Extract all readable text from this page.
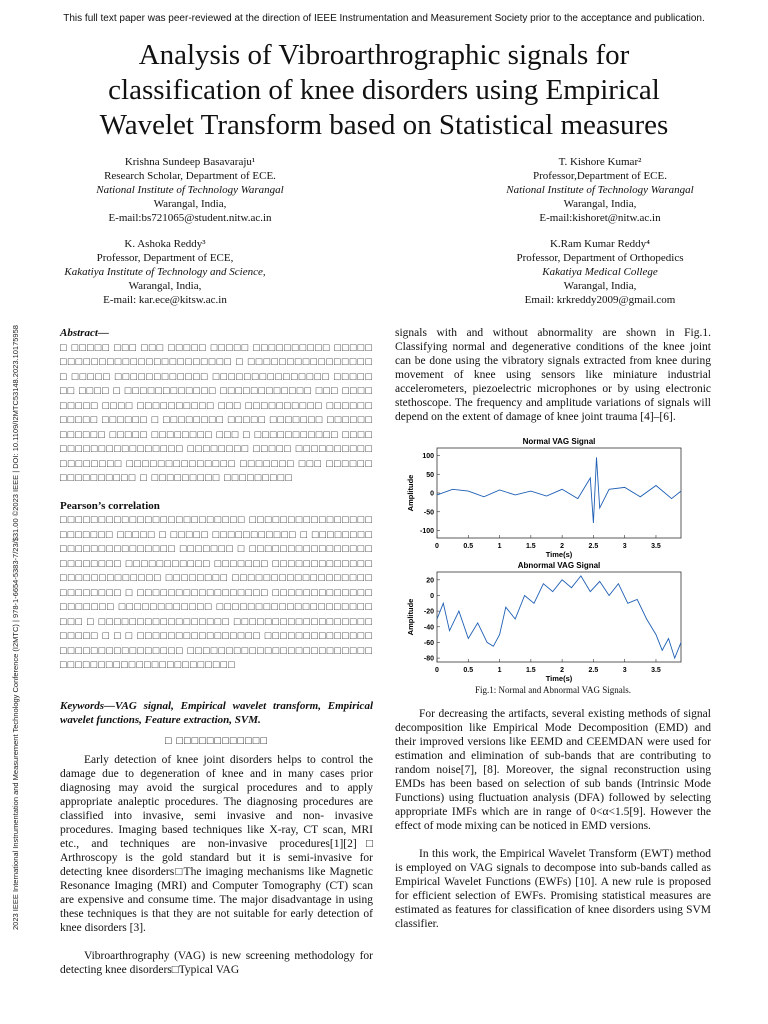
This full text paper was peer-reviewed at the direction of IEEE Instrumentation and Measurement Society prior to the acceptance and publication.
Analysis of Vibroarthrographic signals for
classification of knee disorders using Empirical
Wavelet Transform based on Statistical measures
Krishna Sundeep Basavaraju¹
Research Scholar, Department of ECE.
National Institute of Technology Warangal
Warangal, India,
E-mail:bs721065@student.nitw.ac.in
T. Kishore Kumar²
Professor,Department of ECE.
National Institute of Technology Warangal
Warangal, India,
E-mail:kishoret@nitw.ac.in
K. Ashoka Reddy³
Professor, Department of ECE,
Kakatiya Institute of Technology and Science,
Warangal, India,
E-mail: kar.ece@kitsw.ac.in
K.Ram Kumar Reddy⁴
Professor, Department of Orthopedics
Kakatiya Medical College
Warangal, India,
Email: krkreddy2009@gmail.com
2023 IEEE International Instrumentation and Measurement Technology Conference (I2MTC) | 978-1-6654-5383-7/23/$31.00 ©2023 IEEE | DOI: 10.1109/I2MTC53148.2023.10175958	Abstract—
□ □□□□□ □□□ □□□ □□□□□ □□□□□ □□□□□□□□□□ □□□□□ □□□□□□□□□□□□□□□□□□□□□□ □ □□□□□□□□□□□□□□□□□ □□□□□ □□□□□□□□□□□□ □□□□□□□□□□□□□□□ □□□□□□□ □□□□ □ □□□□□□□□□□□□ □□□□□□□□□□□□ □□□ □□□□□□□□□ □□□□ □□□□□□□□□□ □□□ □□□□□□□□□□ □□□□□□□□□□□ □□□□□□ □ □□□□□□□□ □□□□□ □□□□□□□ □□□□□□□□□□□□ □□□□□ □□□□□□□□ □□□ □ □□□□□□□□□□□ □□□□□□□□□□□□□□□□□□□□ □□□□□□□□ □□□□□ □□□□□□□□□□□□□□□□□□ □□□□□□□□□□□□□□ □□□□□□□ □□□ □□□□□□□□□□□□□□□□ □ □□□□□□□□□ □□□□□□□□□
Pearson’s correlation
□□□□□□□□□□□□□□□□□□□□□□□□ □□□□□□□□□□□□□□□□□□□□□□□ □□□□□ □ □□□□□ □□□□□□□□□□□ □ □□□□□□□□□□□□□□□□□□□□□□□ □□□□□□□ □ □□□□□□□□□□□□□□□□□□□□□□□□ □□□□□□□□□□□ □□□□□□□ □□□□□□□□□□□□□□□□□□□□□□□□□□ □□□□□□□□ □□□□□□□□□□□□□□□□□□□□□□□□□□ □ □□□□□□□□□□□□□□□□□ □□□□□□□□□□□□□□□□□□□□ □□□□□□□□□□□□ □□□□□□□□□□□□□□□□□□□□□□□ □ □□□□□□□□□□□□□□□□□ □□□□□□□□□□□□□□□□□□□□□□□ □ □ □ □□□□□□□□□□□□□□□□ □□□□□□□□□□□□□□□□□□□□□□□□□□□□□□ □□□□□□□□□□□□□□□□□□□□□□□□ □□□□□□□□□□□□□□□□□□□□□□□
Keywords—VAG signal, Empirical wavelet transform, Empirical wavelet functions, Feature extraction, SVM.
□ □□□□□□□□□□□□

Early detection of knee joint disorders helps to control the damage due to degeneration of knee and in many cases prior diagnosing may avoid the surgical procedures and to apply appropriate analeptic procedures. The diagnosing procedures are classified into invasive, semi invasive and non- invasive procedures. Imaging based techniques like X-ray, CT scan, MRI etc., and techniques are non-invasive procedures[1][2]□ Arthroscopy is the gold standard but it is semi-invasive for detecting knee disorders□The imaging mechanisms like Magnetic Resonance Imaging (MRI) and Computer Tomography (CT) scan are expensive and consume time. The major disadvantage in using these techniques is that they are not suitable for early detection of knee disorders [3].

Vibroarthrography (VAG) is new screening methodology for detecting knee disorders□Typical VAG

signals with and without abnormality are shown in Fig.1. Classifying normal and degenerative conditions of the knee joint can be done using the vibratory signals extracted from knee during movement of knee using sensors like miniature industrial accelerometers, piezoelectric microphones or by using electronic stethoscope. The frequency and amplitude variations of signals will depend on the extent of damage of knee joint trauma [4]–[6].

Normal VAG Signal
100
50
0
-50
-100
0	0.5	1	1.5	2	2.5	3	3.5
Time(s)
Amplitude
Abnormal VAG Signal
20
0
-20
-40
-60
-80
0	0.5	1	1.5	2	2.5	3	3.5
Time(s)
Amplitude
Fig.1: Normal and Abnormal VAG Signals.

For decreasing the artifacts, several existing methods of signal decomposition like Empirical Mode Decomposition (EMD) and their improved versions like EEMD and CEEMDAN were used for estimation and elimination of sub-bands that are contributing to random noise[7], [8]. Moreover, the signal reconstruction using EMDs has been based on selection of sub bands (Intrinsic Mode Functions) using fluctuation analysis (DFA) followed by selecting appropriate IMFs which are in range of 0<α<1.5[9]. However the effect of mode mixing can be noticed in EMD versions.

In this work, the Empirical Wavelet Transform (EWT) method is employed on VAG signals to decompose into sub-bands called as Empirical Wavelet Functions (EWFs) [10]. A new rule is proposed for efficient selection of EWFs. Promising statistical measures are estimated as features for classification of knee disorders using SVM classifier.
